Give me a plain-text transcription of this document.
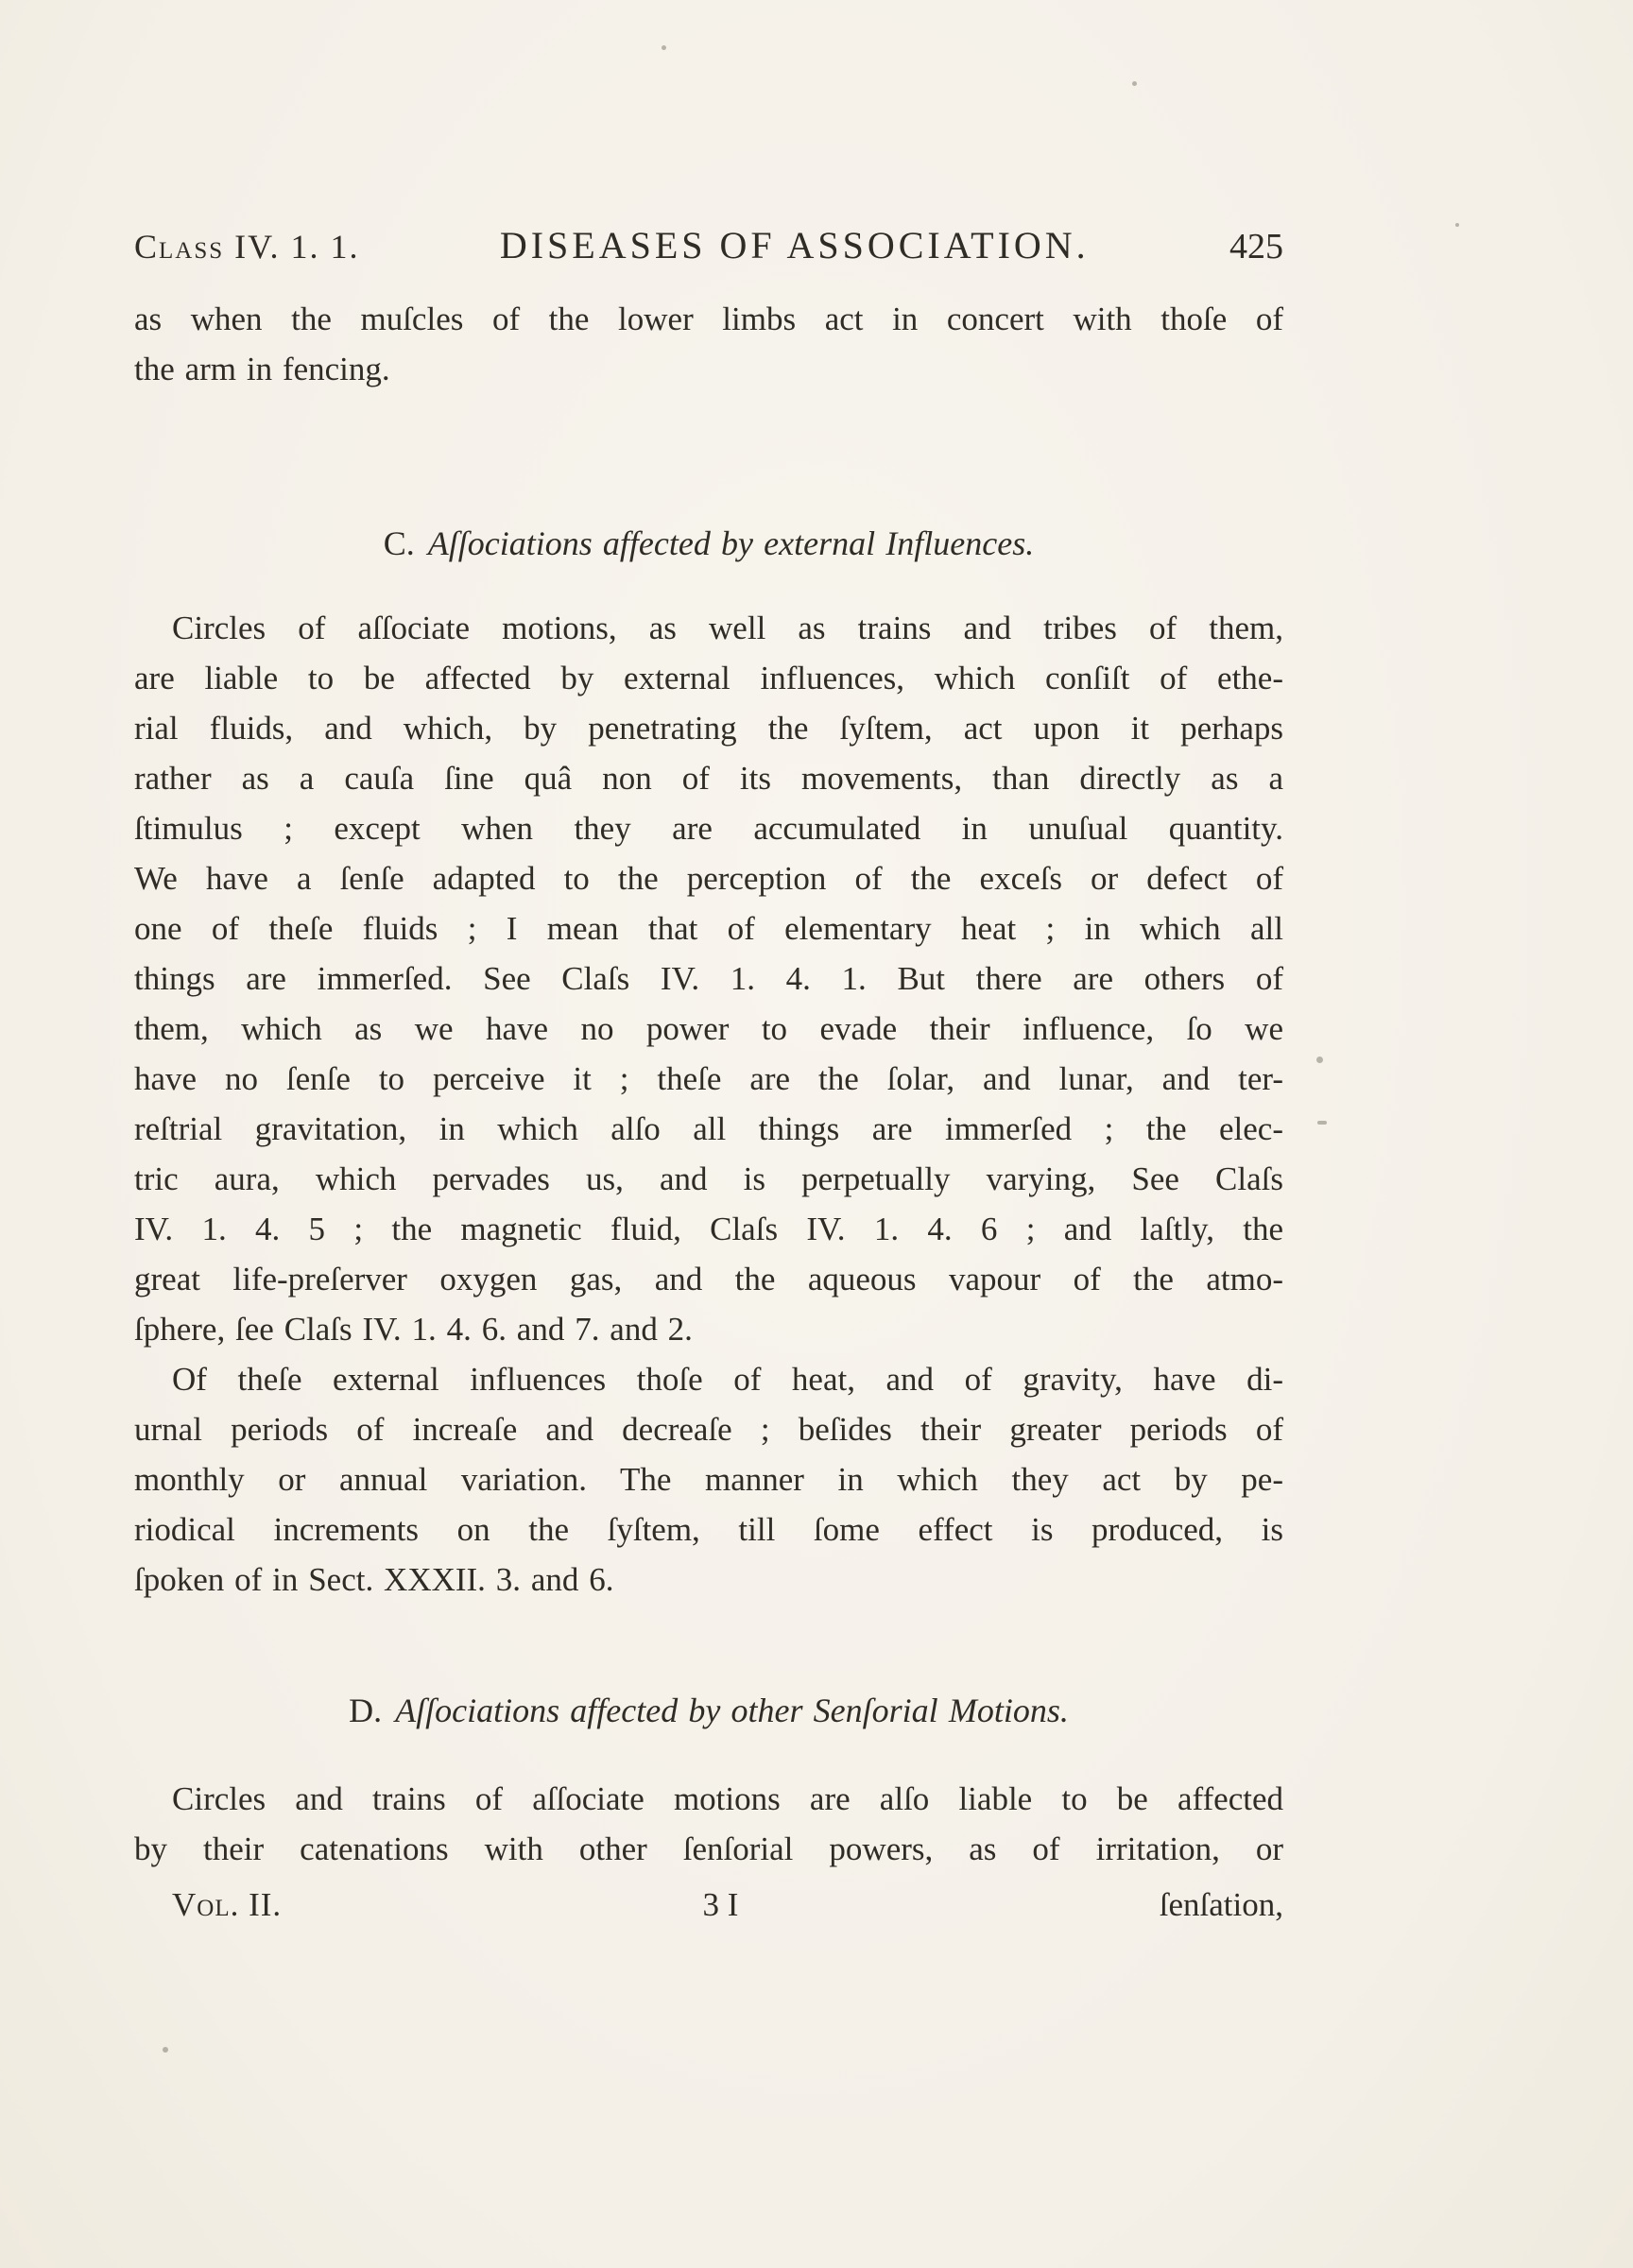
Class IV. 1. 1.	DISEASES OF ASSOCIATION.	425
as when the muſcles of the lower limbs act in concert with thoſe of
the arm in fencing.
C. Aſſociations affected by external Influences.
Circles of aſſociate motions, as well as trains and tribes of them,
are liable to be affected by external influences, which conſiſt of ethe-
rial fluids, and which, by penetrating the ſyſtem, act upon it perhaps
rather as a cauſa ſine quâ non of its movements, than directly as a
ſtimulus ; except when they are accumulated in unuſual quantity.
We have a ſenſe adapted to the perception of the exceſs or defect of
one of theſe fluids ; I mean that of elementary heat ; in which all
things are immerſed. See Claſs IV. 1. 4. 1. But there are others of
them, which as we have no power to evade their influence, ſo we
have no ſenſe to perceive it ; theſe are the ſolar, and lunar, and ter-
reſtrial gravitation, in which alſo all things are immerſed ; the elec-
tric aura, which pervades us, and is perpetually varying, See Claſs
IV. 1. 4. 5 ; the magnetic fluid, Claſs IV. 1. 4. 6 ; and laſtly, the
great life-preſerver oxygen gas, and the aqueous vapour of the atmo-
ſphere, ſee Claſs IV. 1. 4. 6. and 7. and 2.
Of theſe external influences thoſe of heat, and of gravity, have di-
urnal periods of increaſe and decreaſe ; beſides their greater periods of
monthly or annual variation. The manner in which they act by pe-
riodical increments on the ſyſtem, till ſome effect is produced, is
ſpoken of in Sect. XXXII. 3. and 6.
D. Aſſociations affected by other Senſorial Motions.
Circles and trains of aſſociate motions are alſo liable to be affected
by their catenations with other ſenſorial powers, as of irritation, or
Vol. II.	3 I	ſenſation,
